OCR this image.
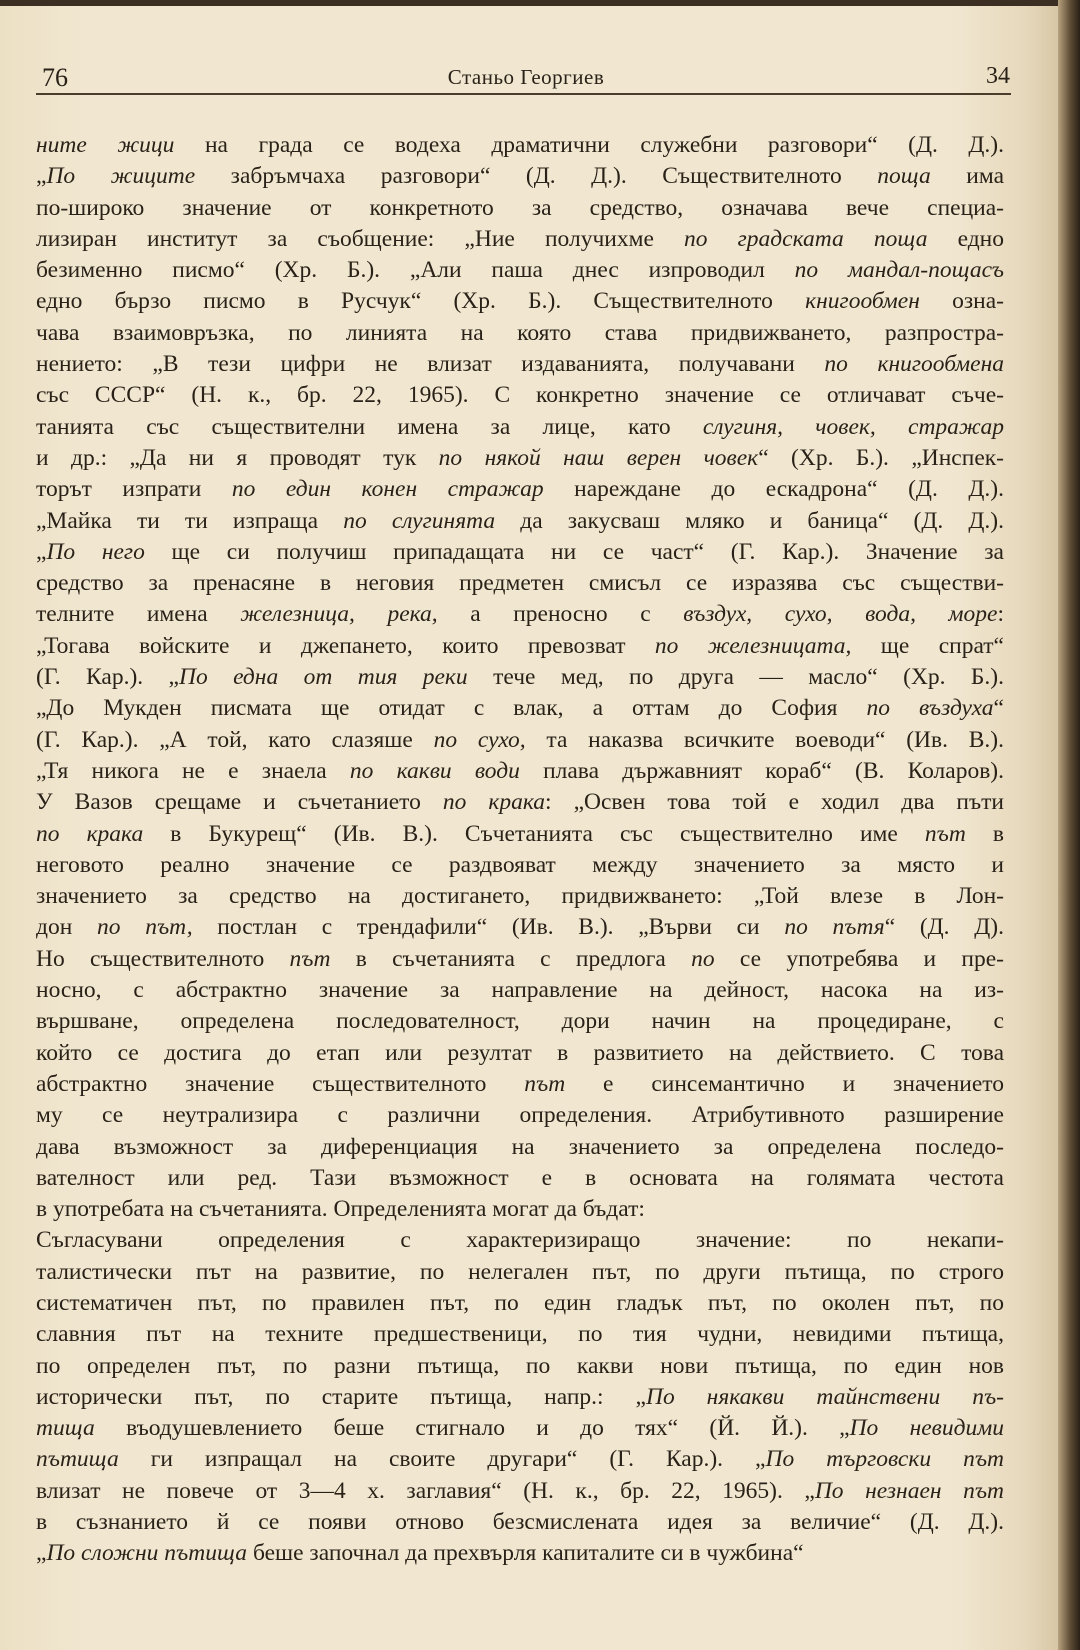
76	Станьо Георгиев	34
ните жици на града се водеха драматични служебни разговори“ (Д. Д.).
„По жиците забръмчаха разговори“ (Д. Д.). Съществителното поща има
по-широко значение от конкретното за средство, означава вече специа-
лизиран институт за съобщение: „Ние получихме по градската поща едно
безименно писмо“ (Хр. Б.). „Али паша днес изпроводил по мандал-пощасъ
едно бързо писмо в Русчук“ (Хр. Б.). Съществителното книгообмен озна-
чава взаимовръзка, по линията на която става придвижването, разпростра-
нението: „В тези цифри не влизат издаванията, получавани по книгообмена
със СССР“ (Н. к., бр. 22, 1965). С конкретно значение се отличават съче-
танията със съществителни имена за лице, като слугиня, човек, стражар
и др.: „Да ни я проводят тук по някой наш верен човек“ (Хр. Б.). „Инспек-
торът изпрати по един конен стражар нареждане до ескадрона“ (Д. Д.).
„Майка ти ти изпраща по слугинята да закусваш мляко и баница“ (Д. Д.).
„По него ще си получиш припадащата ни се част“ (Г. Кар.). Значение за
средство за пренасяне в неговия предметен смисъл се изразява със съществи-
телните имена железница, река, а преносно с въздух, сухо, вода, море:
„Тогава войските и джепането, които превозват по железницата, ще спрат“
(Г. Кар.). „По една от тия реки тече мед, по друга — масло“ (Хр. Б.).
„До Мукден писмата ще отидат с влак, а оттам до София по въздуха“
(Г. Кар.). „А той, като слазяше по сухо, та наказва всичките воеводи“ (Ив. В.).
„Тя никога не е знаела по какви води плава държавният кораб“ (В. Коларов).
У Вазов срещаме и съчетанието по крака: „Освен това той е ходил два пъти
по крака в Букурещ“ (Ив. В.). Съчетанията със съществително име път в
неговото реално значение се раздвояват между значението за място и
значението за средство на достигането, придвижването: „Той влезе в Лон-
дон по път, постлан с трендафили“ (Ив. В.). „Върви си по пътя“ (Д. Д).
Но съществителното път в съчетанията с предлога по се употребява и пре-
носно, с абстрактно значение за направление на дейност, насока на из-
вършване, определена последователност, дори начин на процедиране, с
който се достига до етап или резултат в развитието на действието. С това
абстрактно значение съществителното път е синсемантично и значението
му се неутрализира с различни определения. Атрибутивното разширение
дава възможност за диференциация на значението за определена последо-
вателност или ред. Тази възможност е в основата на голямата честота
в употребата на съчетанията. Определенията могат да бъдат:
Съгласувани определения с характеризиращо значение: по некапи-
талистически път на развитие, по нелегален път, по други пътища, по строго
систематичен път, по правилен път, по един гладък път, по околен път, по
славния път на техните предшественици, по тия чудни, невидими пътища,
по определен път, по разни пътища, по какви нови пътища, по един нов
исторически път, по старите пътища, напр.: „По някакви тайнствени пъ-
тища въодушевлението беше стигнало и до тях“ (Й. Й.). „По невидими
пътища ги изпращал на своите другари“ (Г. Кар.). „По търговски път
влизат не повече от 3—4 х. заглавия“ (Н. к., бр. 22, 1965). „По незнаен път
в съзнанието й се появи отново безсмислената идея за величие“ (Д. Д.).
„По сложни пътища беше започнал да прехвърля капиталите си в чужбина“
